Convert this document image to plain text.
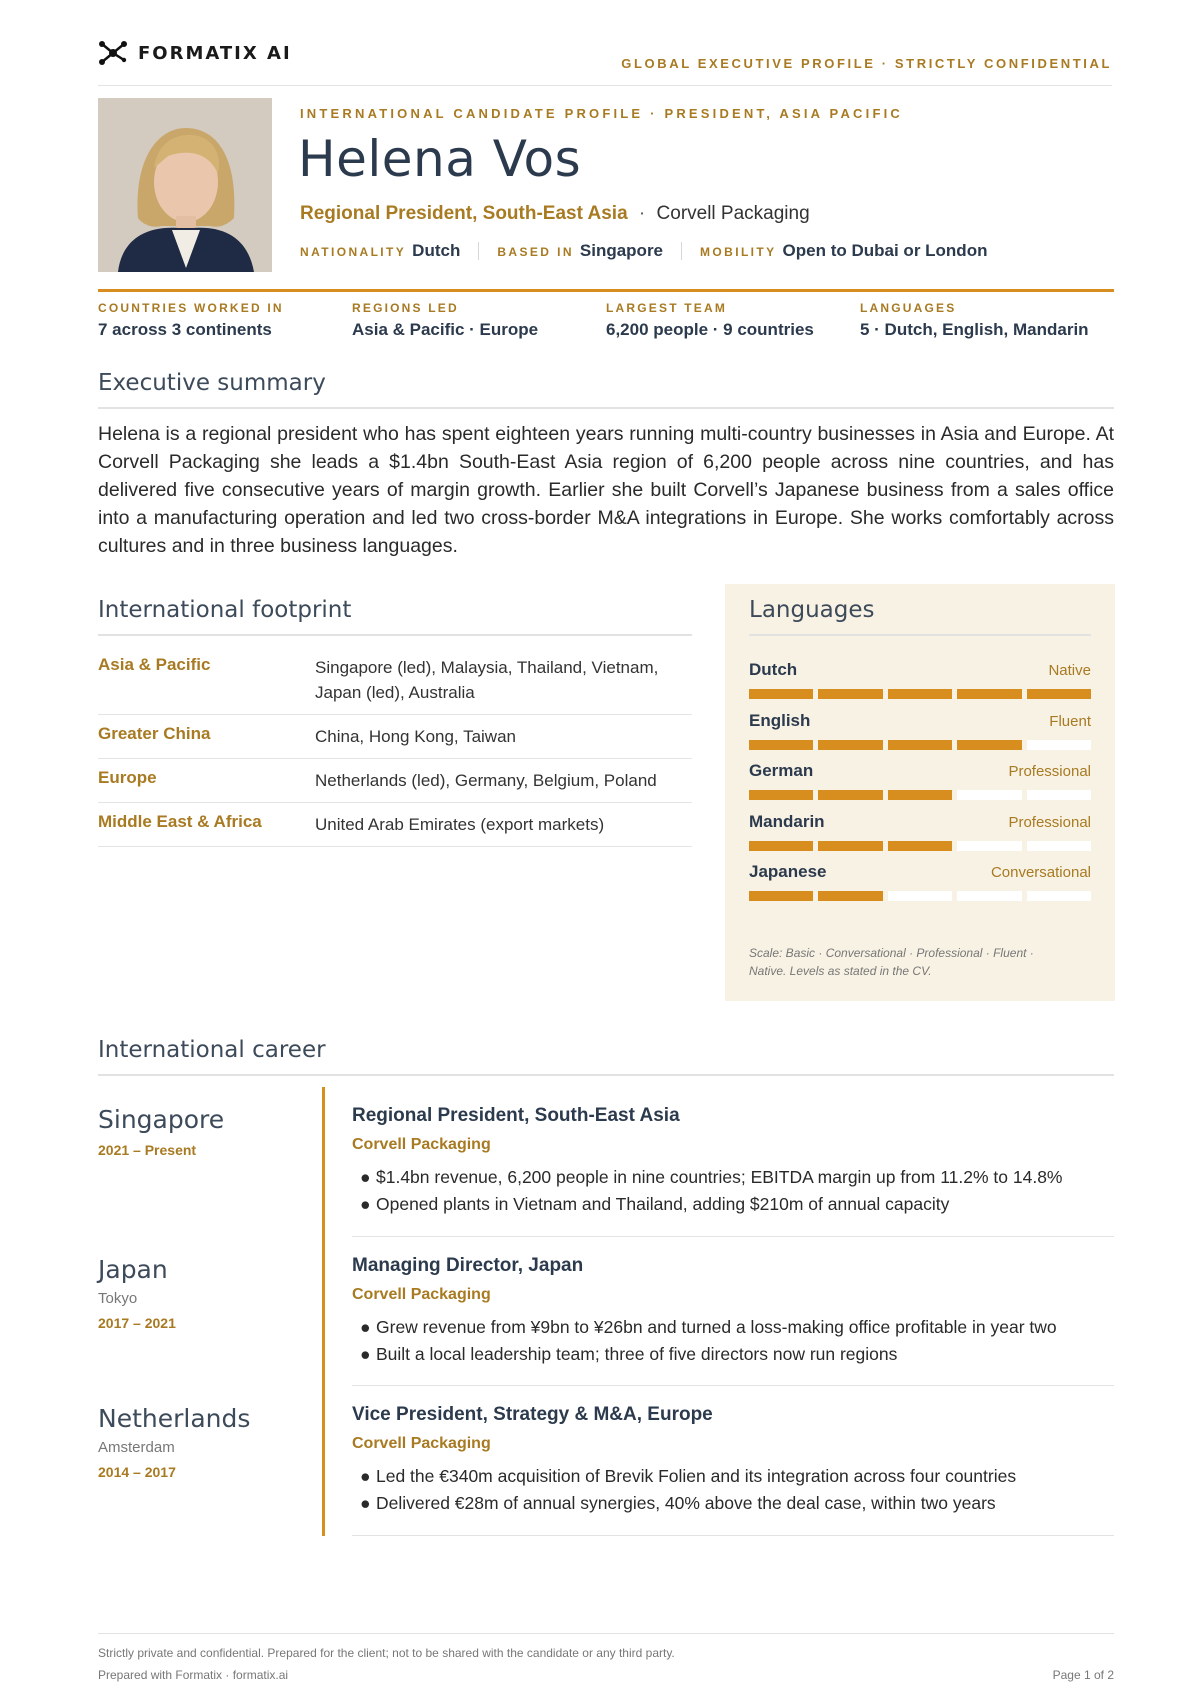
FORMATIX AI	GLOBAL EXECUTIVE PROFILE · STRICTLY CONFIDENTIAL
INTERNATIONAL CANDIDATE PROFILE · PRESIDENT, ASIA PACIFIC
Helena Vos
Regional President, South-East Asia · Corvell Packaging
NATIONALITY Dutch	BASED IN Singapore	MOBILITY Open to Dubai or London
COUNTRIES WORKED IN
7 across 3 continents
REGIONS LED
Asia & Pacific · Europe
LARGEST TEAM
6,200 people · 9 countries
LANGUAGES
5 · Dutch, English, Mandarin
Executive summary

Helena is a regional president who has spent eighteen years running multi-country businesses in Asia and Europe. At Corvell Packaging she leads a $1.4bn South-East Asia region of 6,200 people across nine countries, and has delivered five consecutive years of margin growth. Earlier she built Corvell’s Japanese business from a sales office into a manufacturing operation and led two cross-border M&A integrations in Europe. She works comfortably across cultures and in three business languages.

International footprint
Asia & Pacific	Singapore (led), Malaysia, Thailand, Vietnam, Japan (led), Australia
Greater China	China, Hong Kong, Taiwan
Europe	Netherlands (led), Germany, Belgium, Poland
Middle East & Africa	United Arab Emirates (export markets)
Languages
Dutch	Native
English	Fluent
German	Professional
Mandarin	Professional
Japanese	Conversational
Scale: Basic · Conversational · Professional · Fluent · Native. Levels as stated in the CV.
International career
Singapore
2021 – Present
Regional President, South-East Asia
Corvell Packaging
● $1.4bn revenue, 6,200 people in nine countries; EBITDA margin up from 11.2% to 14.8%
● Opened plants in Vietnam and Thailand, adding $210m of annual capacity
Japan
Tokyo
2017 – 2021
Managing Director, Japan
Corvell Packaging
● Grew revenue from ¥9bn to ¥26bn and turned a loss-making office profitable in year two
● Built a local leadership team; three of five directors now run regions
Netherlands
Amsterdam
2014 – 2017
Vice President, Strategy & M&A, Europe
Corvell Packaging
● Led the €340m acquisition of Brevik Folien and its integration across four countries
● Delivered €28m of annual synergies, 40% above the deal case, within two years
Strictly private and confidential. Prepared for the client; not to be shared with the candidate or any third party.
Prepared with Formatix · formatix.ai	Page 1 of 2
